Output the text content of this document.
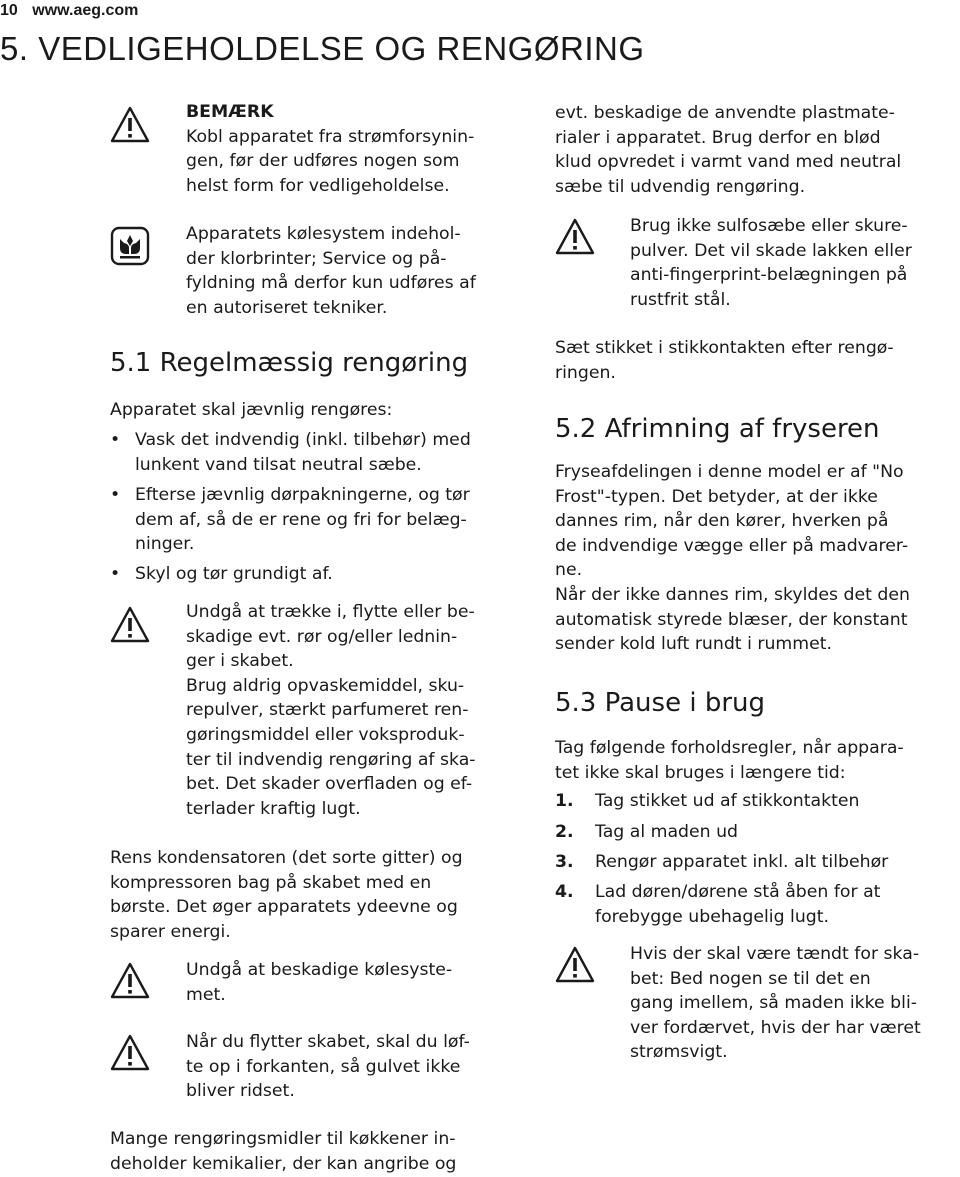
10 www.aeg.com
5. VEDLIGEHOLDELSE OG RENGØRING
BEMÆRK
Kobl apparatet fra strømforsynin-
gen, før der udføres nogen som
helst form for vedligeholdelse.
Apparatets kølesystem indehol-
der klorbrinter; Service og på-
fyldning må derfor kun udføres af
en autoriseret tekniker.
5.1 Regelmæssig rengøring
Apparatet skal jævnlig rengøres:
• Vask det indvendig (inkl. tilbehør) med
lunkent vand tilsat neutral sæbe.
• Efterse jævnlig dørpakningerne, og tør
dem af, så de er rene og fri for belæg-
ninger.
• Skyl og tør grundigt af.
Undgå at trække i, flytte eller be-
skadige evt. rør og/eller lednin-
ger i skabet.
Brug aldrig opvaskemiddel, sku-
repulver, stærkt parfumeret ren-
gøringsmiddel eller voksproduk-
ter til indvendig rengøring af ska-
bet. Det skader overfladen og ef-
terlader kraftig lugt.
Rens kondensatoren (det sorte gitter) og
kompressoren bag på skabet med en
børste. Det øger apparatets ydeevne og
sparer energi.
Undgå at beskadige kølesyste-
met.
Når du flytter skabet, skal du løf-
te op i forkanten, så gulvet ikke
bliver ridset.
Mange rengøringsmidler til køkkener in-
deholder kemikalier, der kan angribe og
evt. beskadige de anvendte plastmate-
rialer i apparatet. Brug derfor en blød
klud opvredet i varmt vand med neutral
sæbe til udvendig rengøring.
Brug ikke sulfosæbe eller skure-
pulver. Det vil skade lakken eller
anti-fingerprint-belægningen på
rustfrit stål.
Sæt stikket i stikkontakten efter rengø-
ringen.
5.2 Afrimning af fryseren
Fryseafdelingen i denne model er af "No
Frost"-typen. Det betyder, at der ikke
dannes rim, når den kører, hverken på
de indvendige vægge eller på madvarer-
ne.
Når der ikke dannes rim, skyldes det den
automatisk styrede blæser, der konstant
sender kold luft rundt i rummet.
5.3 Pause i brug
Tag følgende forholdsregler, når appara-
tet ikke skal bruges i længere tid:
1. Tag stikket ud af stikkontakten
2. Tag al maden ud
3. Rengør apparatet inkl. alt tilbehør
4. Lad døren/dørene stå åben for at
forebygge ubehagelig lugt.
Hvis der skal være tændt for ska-
bet: Bed nogen se til det en
gang imellem, så maden ikke bli-
ver fordærvet, hvis der har været
strømsvigt.
